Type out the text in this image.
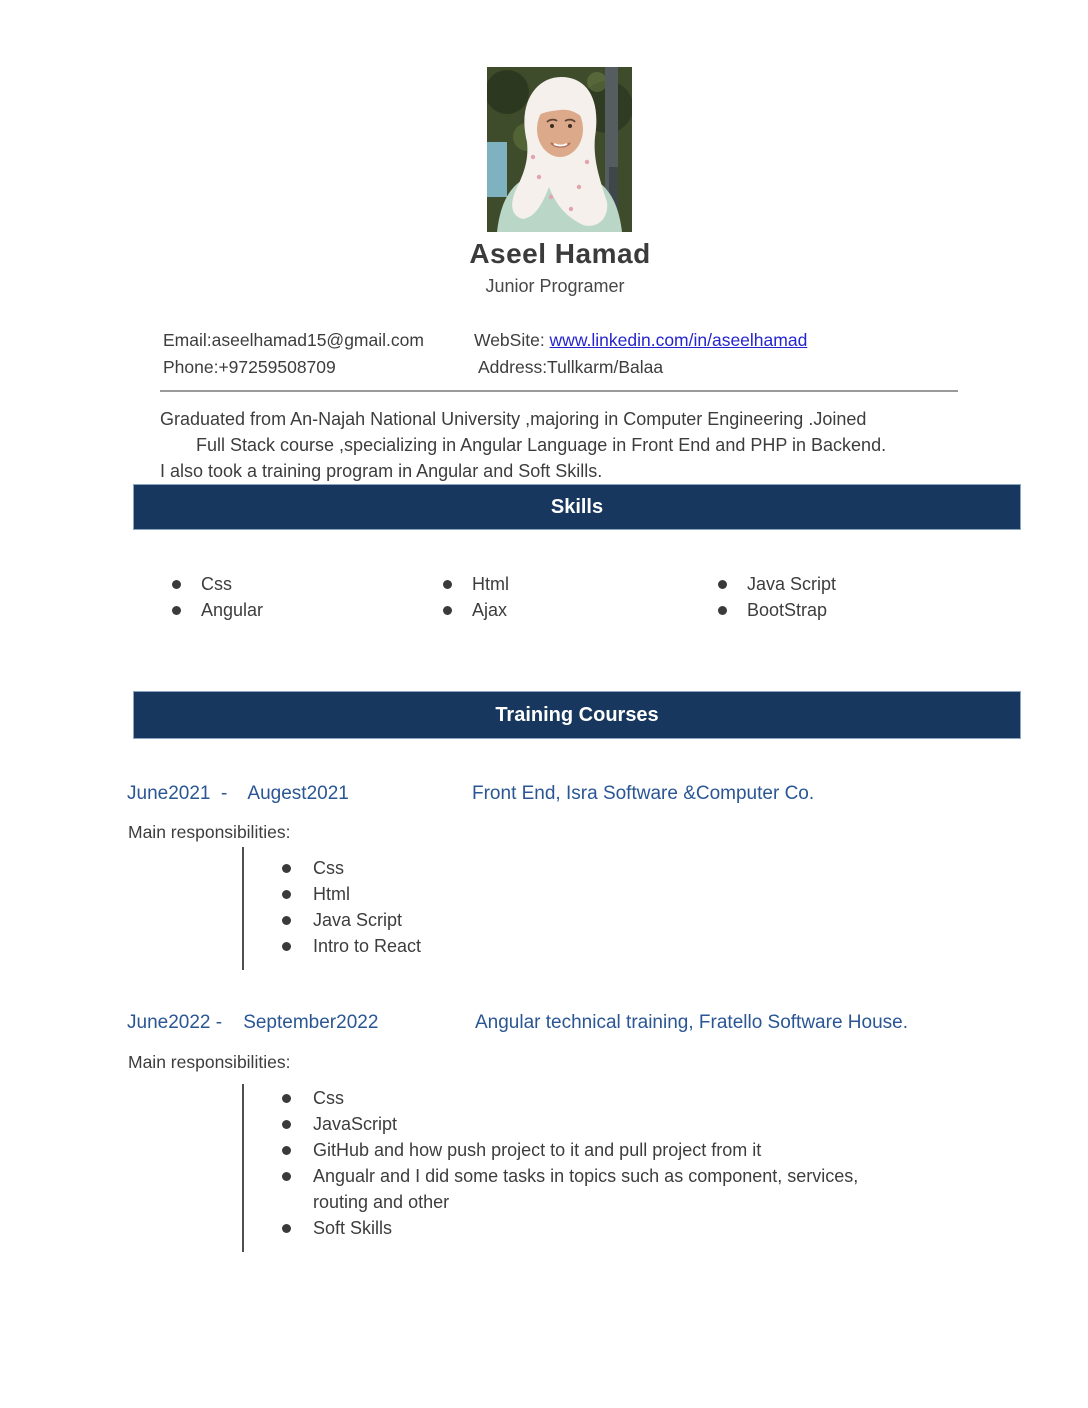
Aseel Hamad
Junior Programer
Email:aseelhamad15@gmail.com	WebSite: www.linkedin.com/in/aseelhamad
Phone:+97259508709	Address:Tullkarm/Balaa
Graduated from An-Najah National University ,majoring in Computer Engineering .Joined
Full Stack course ,specializing in Angular Language in Front End and PHP in Backend.
I also took a training program in Angular and Soft Skills.
Skills
Css
Angular
Html
Ajax
Java Script
BootStrap
Training Courses
June2021  -    Augest2021	Front End, Isra Software &Computer Co.
Main responsibilities:
Css
Html
Java Script
Intro to React
June2022 -    September2022	Angular technical training, Fratello Software House.
Main responsibilities:
Css
JavaScript
GitHub and how push project to it and pull project from it
Angualr and I did some tasks in topics such as component, services, routing and other
Soft Skills
